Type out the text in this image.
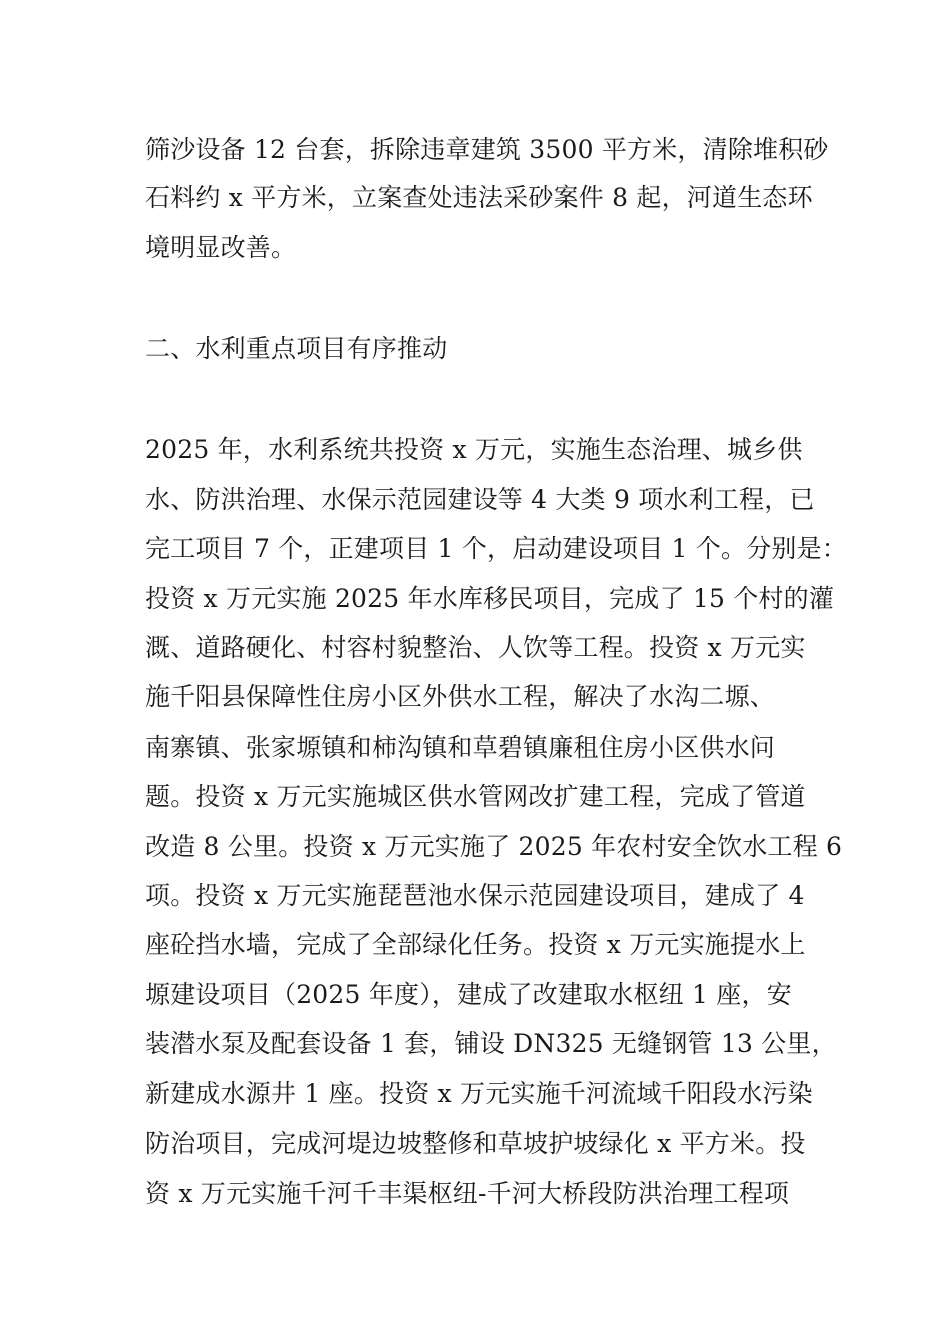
筛沙设备 12 台套，拆除违章建筑 3500 平方米，清除堆积砂
石料约 x 平方米，立案查处违法采砂案件 8 起，河道生态环
境明显改善。
二、水利重点项目有序推动
2025 年，水利系统共投资 x 万元，实施生态治理、城乡供
水、防洪治理、水保示范园建设等 4 大类 9 项水利工程，已
完工项目 7 个，正建项目 1 个，启动建设项目 1 个。分别是：
投资 x 万元实施 2025 年水库移民项目，完成了 15 个村的灌
溉、道路硬化、村容村貌整治、人饮等工程。投资 x 万元实
施千阳县保障性住房小区外供水工程，解决了水沟二塬、
南寨镇、张家塬镇和柿沟镇和草碧镇廉租住房小区供水问
题。投资 x 万元实施城区供水管网改扩建工程，完成了管道
改造 8 公里。投资 x 万元实施了 2025 年农村安全饮水工程 6
项。投资 x 万元实施琵琶池水保示范园建设项目，建成了 4
座砼挡水墙，完成了全部绿化任务。投资 x 万元实施提水上
塬建设项目（2025 年度），建成了改建取水枢纽 1 座，安
装潜水泵及配套设备 1 套，铺设 DN325 无缝钢管 13 公里，
新建成水源井 1 座。投资 x 万元实施千河流域千阳段水污染
防治项目，完成河堤边坡整修和草坡护坡绿化 x 平方米。投
资 x 万元实施千河千丰渠枢纽-千河大桥段防洪治理工程项
